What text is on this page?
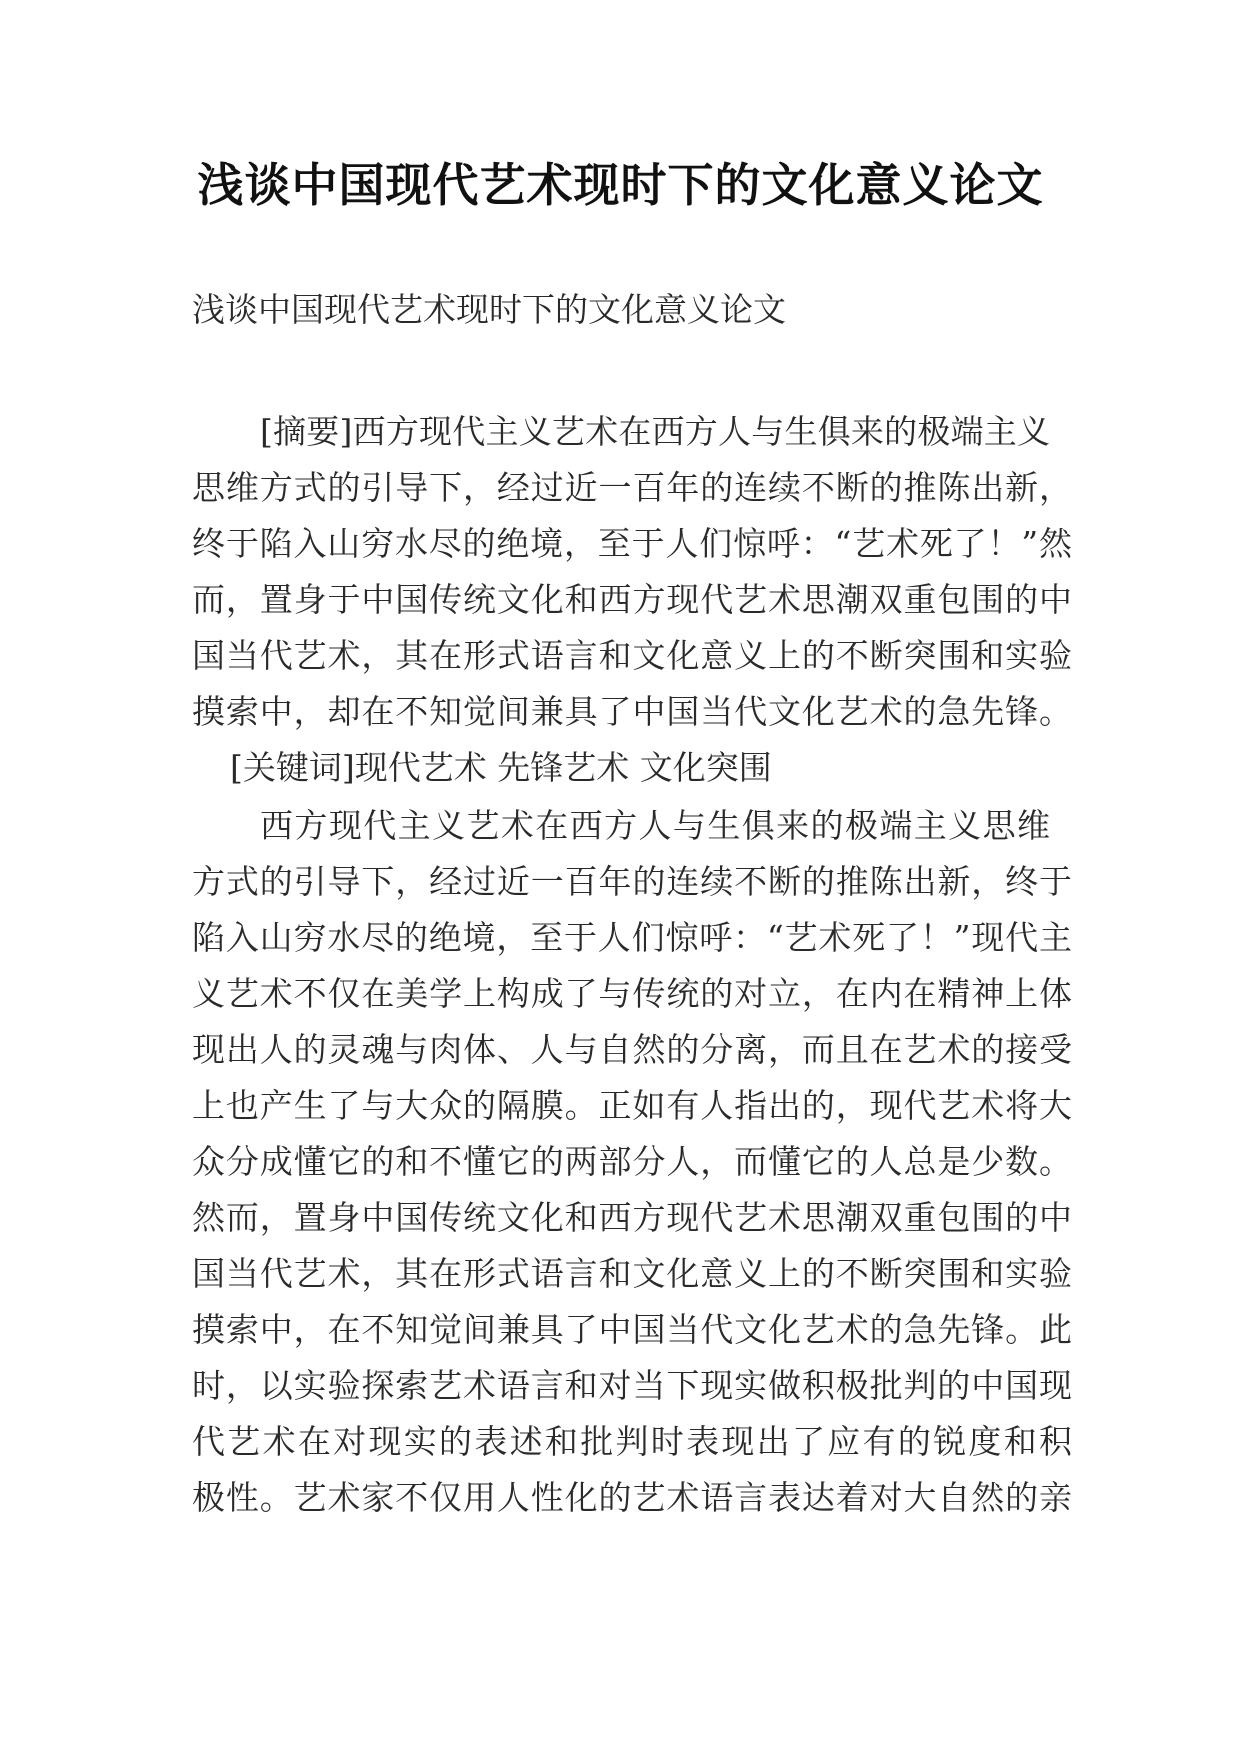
浅谈中国现代艺术现时下的文化意义论文
浅谈中国现代艺术现时下的文化意义论文
[摘要]西方现代主义艺术在西方人与生俱来的极端主义
思维方式的引导下，经过近一百年的连续不断的推陈出新，
终于陷入山穷水尽的绝境，至于人们惊呼：“艺术死了！”然
而，置身于中国传统文化和西方现代艺术思潮双重包围的中
国当代艺术，其在形式语言和文化意义上的不断突围和实验
摸索中，却在不知觉间兼具了中国当代文化艺术的急先锋。
[关键词]现代艺术 先锋艺术 文化突围
西方现代主义艺术在西方人与生俱来的极端主义思维
方式的引导下，经过近一百年的连续不断的推陈出新，终于
陷入山穷水尽的绝境，至于人们惊呼：“艺术死了！”现代主
义艺术不仅在美学上构成了与传统的对立，在内在精神上体
现出人的灵魂与肉体、人与自然的分离，而且在艺术的接受
上也产生了与大众的隔膜。正如有人指出的，现代艺术将大
众分成懂它的和不懂它的两部分人，而懂它的人总是少数。
然而，置身中国传统文化和西方现代艺术思潮双重包围的中
国当代艺术，其在形式语言和文化意义上的不断突围和实验
摸索中，在不知觉间兼具了中国当代文化艺术的急先锋。此
时，以实验探索艺术语言和对当下现实做积极批判的中国现
代艺术在对现实的表述和批判时表现出了应有的锐度和积
极性。艺术家不仅用人性化的艺术语言表达着对大自然的亲
